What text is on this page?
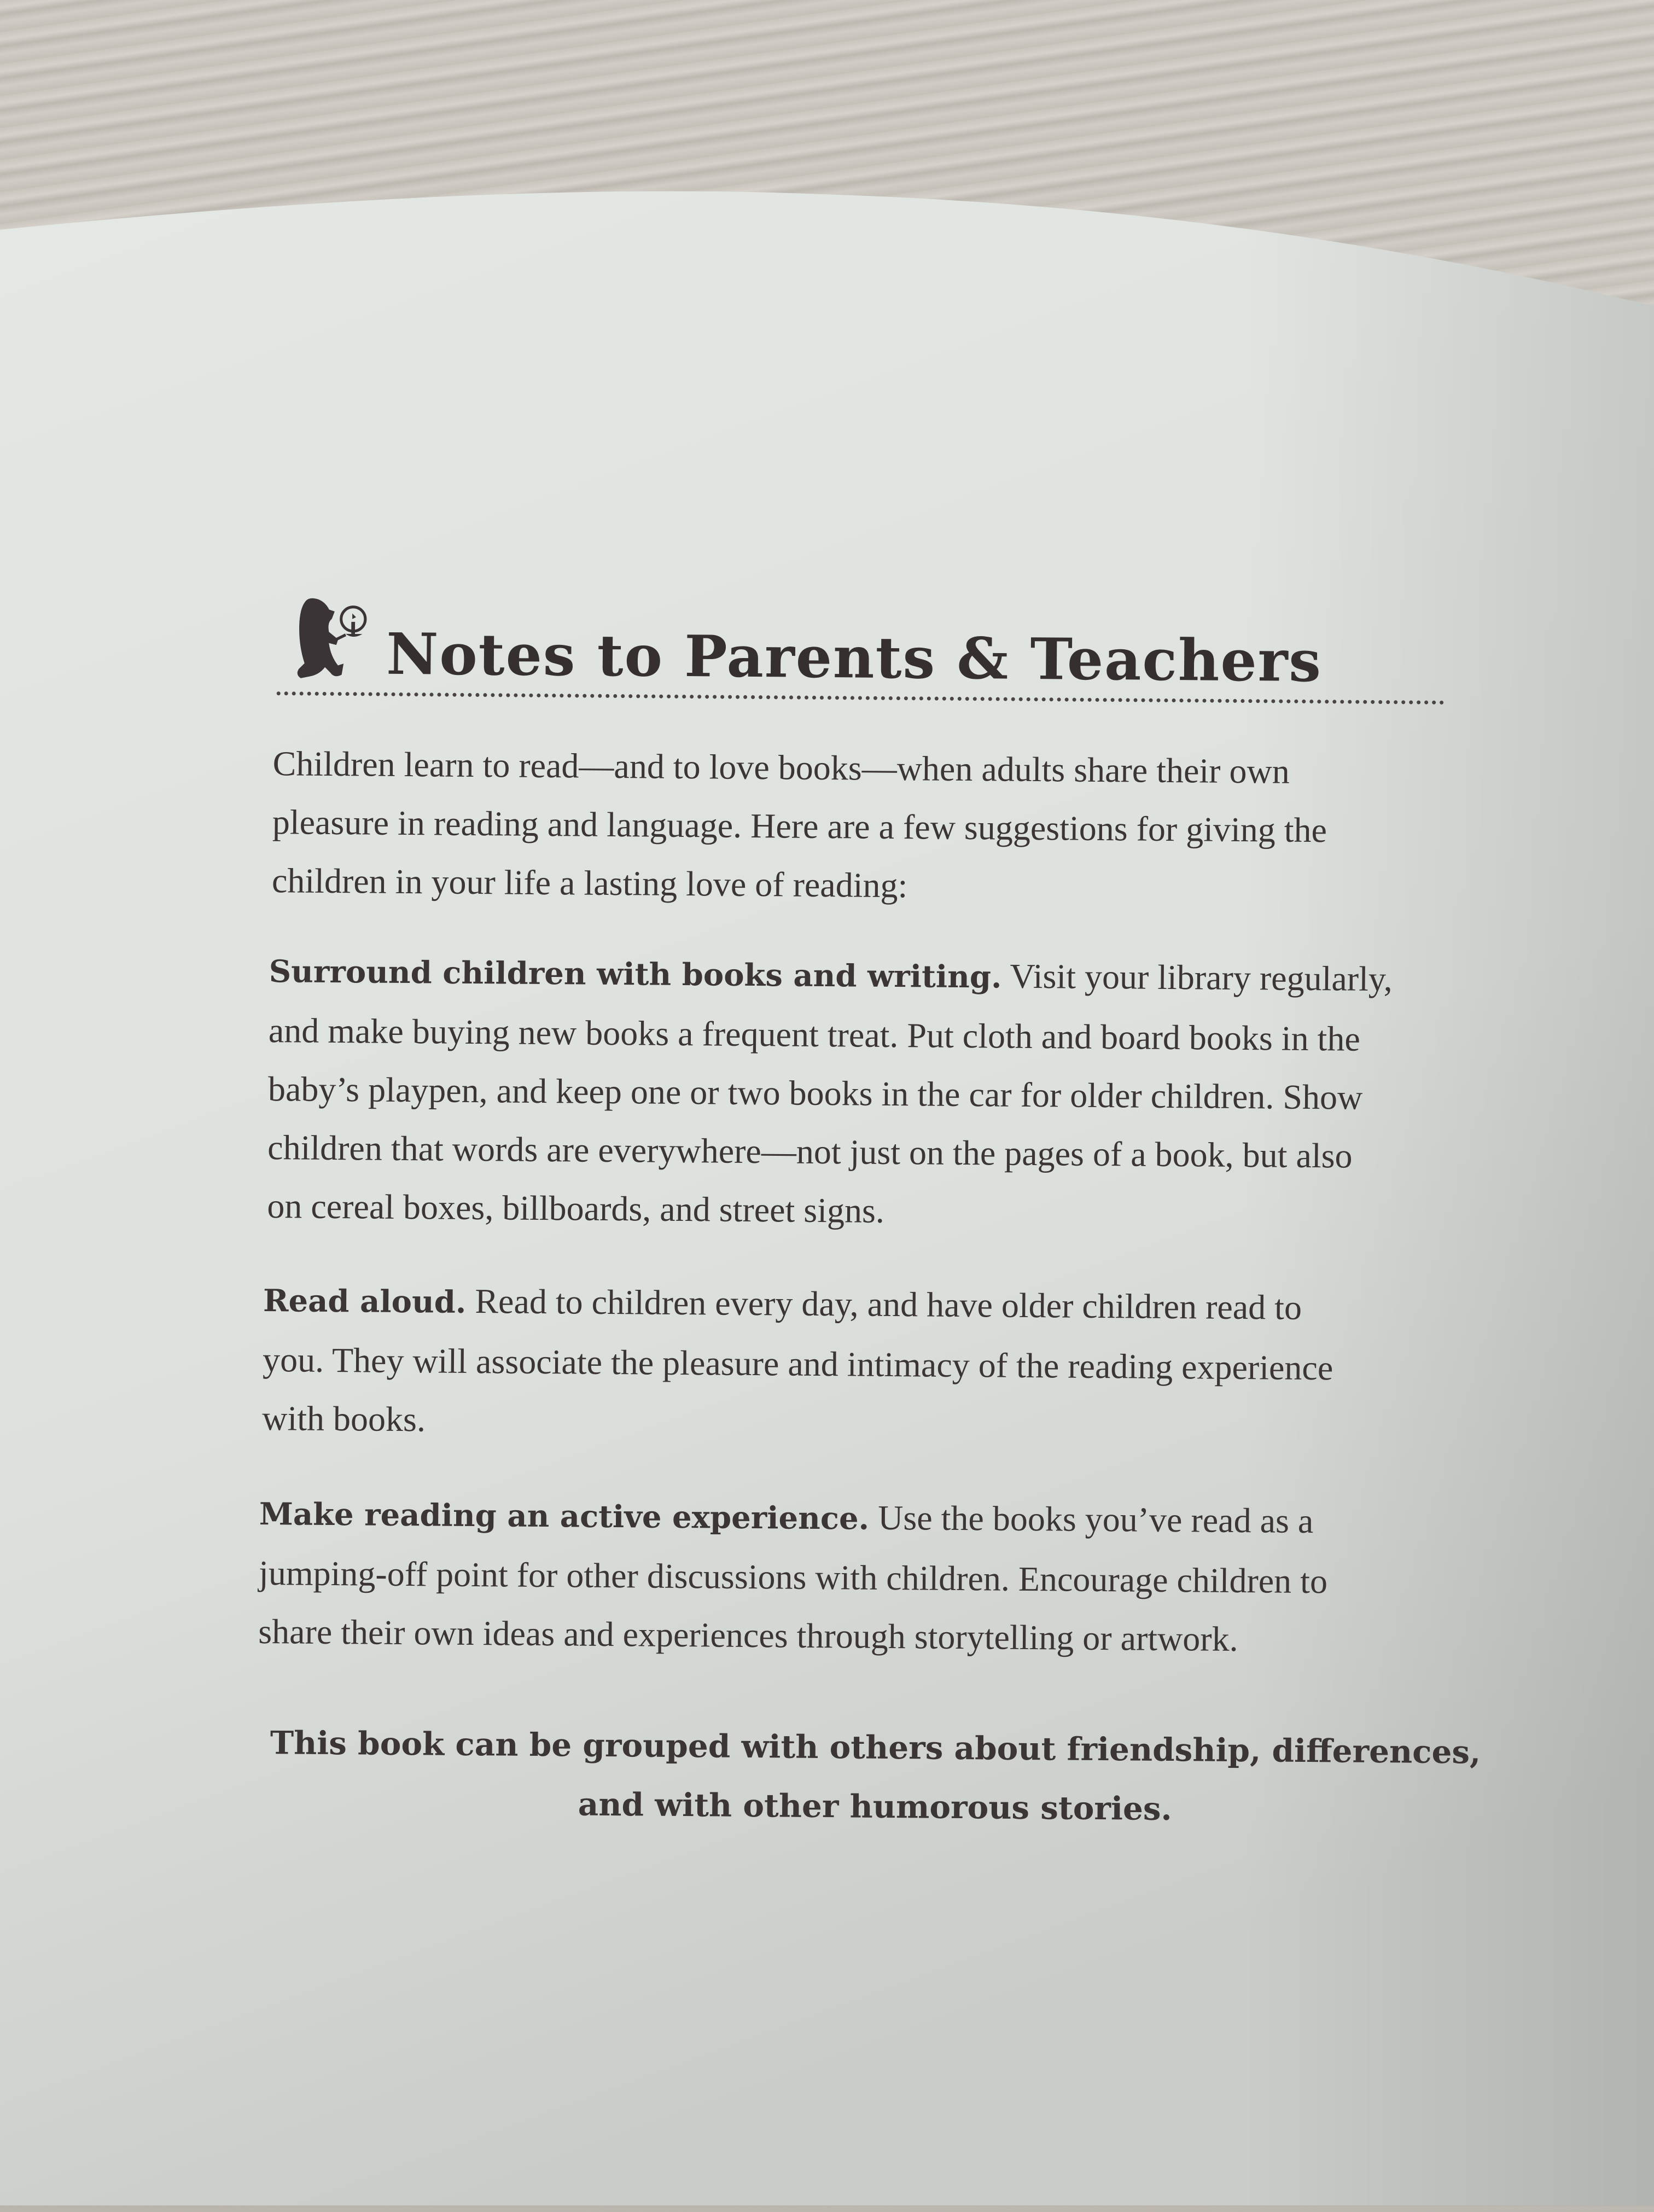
Notes to Parents & Teachers
Children learn to read—and to love books—when adults share their own
pleasure in reading and language. Here are a few suggestions for giving the
children in your life a lasting love of reading:
Surround children with books and writing. Visit your library regularly,
and make buying new books a frequent treat. Put cloth and board books in the
baby’s playpen, and keep one or two books in the car for older children. Show
children that words are everywhere—not just on the pages of a book, but also
on cereal boxes, billboards, and street signs.
Read aloud. Read to children every day, and have older children read to
you. They will associate the pleasure and intimacy of the reading experience
with books.
Make reading an active experience. Use the books you’ve read as a
jumping-off point for other discussions with children. Encourage children to
share their own ideas and experiences through storytelling or artwork.
This book can be grouped with others about friendship, differences,
and with other humorous stories.
